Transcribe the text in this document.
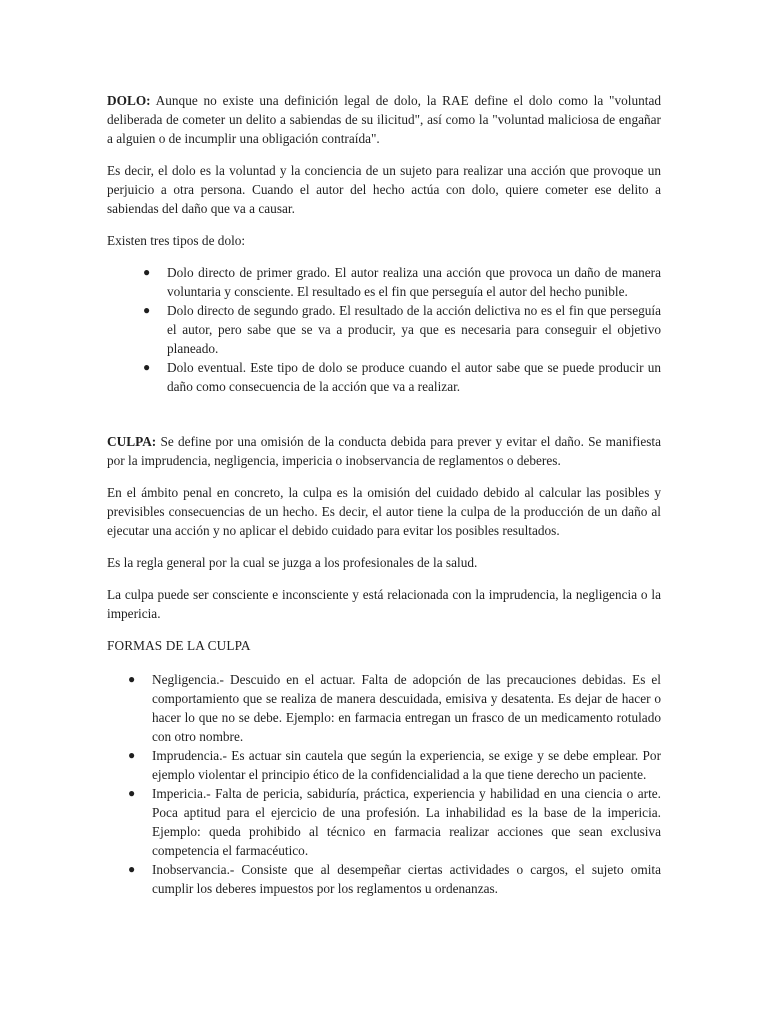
DOLO: Aunque no existe una definición legal de dolo, la RAE define el dolo como la "voluntad deliberada de cometer un delito a sabiendas de su ilicitud", así como la "voluntad maliciosa de engañar a alguien o de incumplir una obligación contraída".

Es decir, el dolo es la voluntad y la conciencia de un sujeto para realizar una acción que provoque un perjuicio a otra persona. Cuando el autor del hecho actúa con dolo, quiere cometer ese delito a sabiendas del daño que va a causar.

Existen tres tipos de dolo:

● Dolo directo de primer grado. El autor realiza una acción que provoca un daño de manera voluntaria y consciente. El resultado es el fin que perseguía el autor del hecho punible.
● Dolo directo de segundo grado. El resultado de la acción delictiva no es el fin que perseguía el autor, pero sabe que se va a producir, ya que es necesaria para conseguir el objetivo planeado.
● Dolo eventual. Este tipo de dolo se produce cuando el autor sabe que se puede producir un daño como consecuencia de la acción que va a realizar.

CULPA: Se define por una omisión de la conducta debida para prever y evitar el daño. Se manifiesta por la imprudencia, negligencia, impericia o inobservancia de reglamentos o deberes.

En el ámbito penal en concreto, la culpa es la omisión del cuidado debido al calcular las posibles y previsibles consecuencias de un hecho. Es decir, el autor tiene la culpa de la producción de un daño al ejecutar una acción y no aplicar el debido cuidado para evitar los posibles resultados.

Es la regla general por la cual se juzga a los profesionales de la salud.

La culpa puede ser consciente e inconsciente y está relacionada con la imprudencia, la negligencia o la impericia.

FORMAS DE LA CULPA

● Negligencia.- Descuido en el actuar. Falta de adopción de las precauciones debidas. Es el comportamiento que se realiza de manera descuidada, emisiva y desatenta. Es dejar de hacer o hacer lo que no se debe. Ejemplo: en farmacia entregan un frasco de un medicamento rotulado con otro nombre.
● Imprudencia.- Es actuar sin cautela que según la experiencia, se exige y se debe emplear. Por ejemplo violentar el principio ético de la confidencialidad a la que tiene derecho un paciente.
● Impericia.- Falta de pericia, sabiduría, práctica, experiencia y habilidad en una ciencia o arte. Poca aptitud para el ejercicio de una profesión. La inhabilidad es la base de la impericia. Ejemplo: queda prohibido al técnico en farmacia realizar acciones que sean exclusiva competencia el farmacéutico.
● Inobservancia.- Consiste que al desempeñar ciertas actividades o cargos, el sujeto omita cumplir los deberes impuestos por los reglamentos u ordenanzas.
